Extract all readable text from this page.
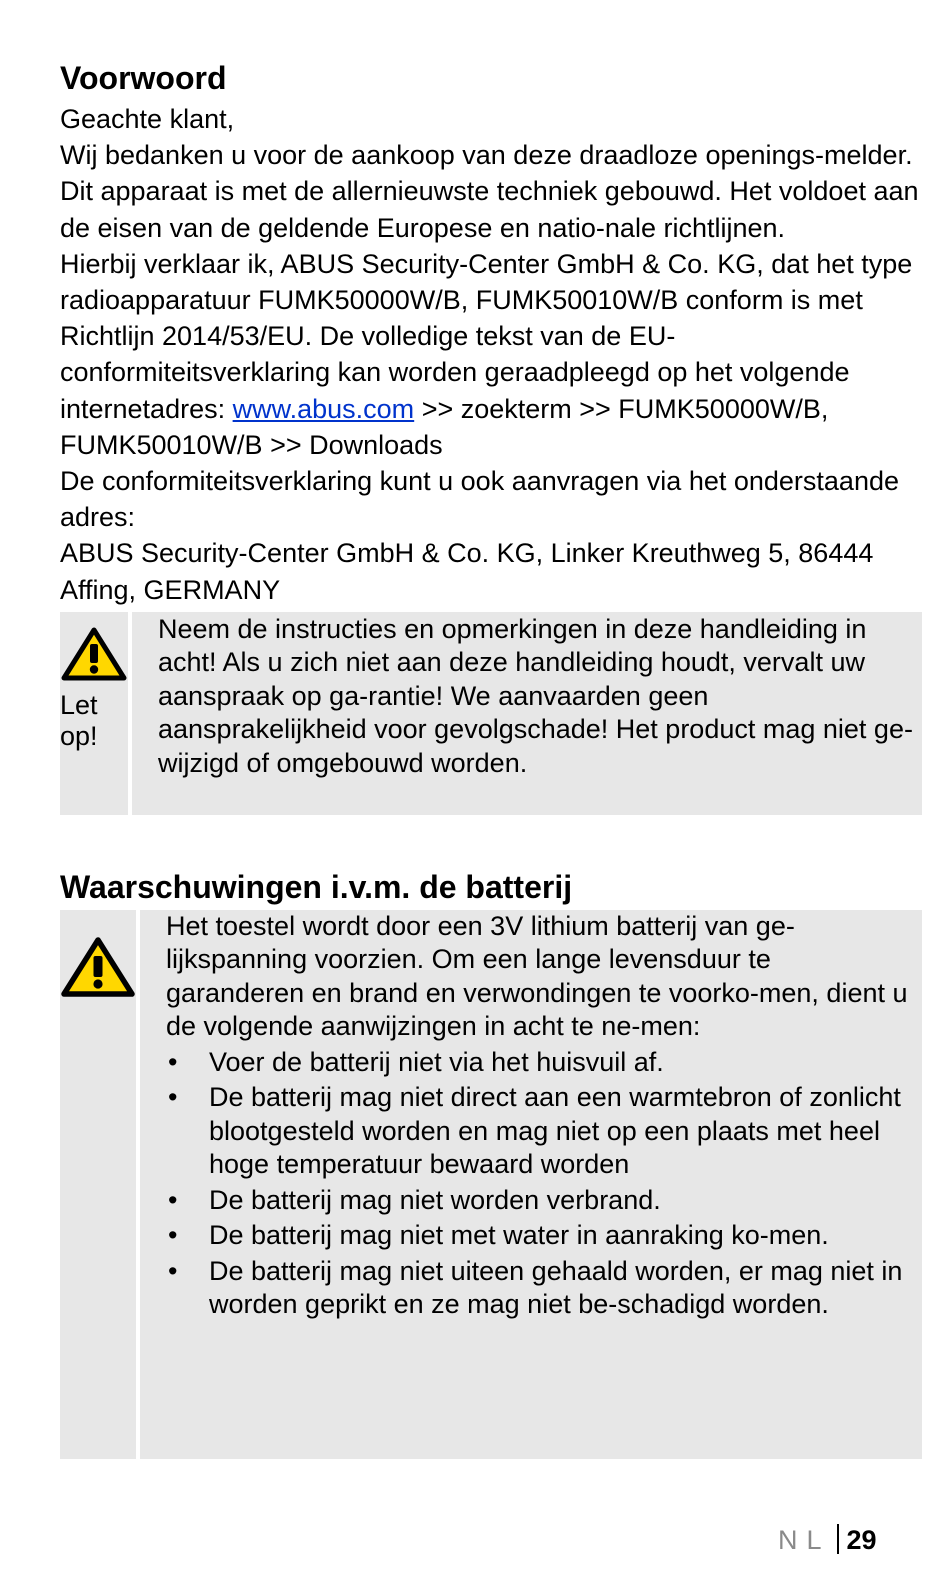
Voorwoord

Geachte klant,

Wij bedanken u voor de aankoop van deze draadloze openings-melder. Dit apparaat is met de allernieuwste techniek gebouwd. Het voldoet aan de eisen van de geldende Europese en natio-nale richtlijnen.

Hierbij verklaar ik, ABUS Security-Center GmbH & Co. KG, dat het type radioapparatuur FUMK50000W/B, FUMK50010W/B conform is met Richtlijn 2014/53/EU. De volledige tekst van de EU-conformiteitsverklaring kan worden geraadpleegd op het volgende internetadres: www.abus.com >> zoekterm >> FUMK50000W/B, FUMK50010W/B >> Downloads

De conformiteitsverklaring kunt u ook aanvragen via het onderstaande adres:

ABUS Security-Center GmbH & Co. KG, Linker Kreuthweg 5, 86444 Affing, GERMANY

Let op!
Neem de instructies en opmerkingen in deze handleiding in acht! Als u zich niet aan deze handleiding houdt, vervalt uw aanspraak op ga-rantie! We aanvaarden geen aansprakelijkheid voor gevolgschade! Het product mag niet ge-wijzigd of omgebouwd worden.
Waarschuwingen i.v.m. de batterij
Het toestel wordt door een 3V lithium batterij van ge-lijkspanning voorzien. Om een lange levensduur te garanderen en brand en verwondingen te voorko-men, dient u de volgende aanwijzingen in acht te ne-men:
• Voer de batterij niet via het huisvuil af.
• De batterij mag niet direct aan een warmtebron of zonlicht blootgesteld worden en mag niet op een plaats met heel hoge temperatuur bewaard worden
• De batterij mag niet worden verbrand.
• De batterij mag niet met water in aanraking ko-men.
• De batterij mag niet uiteen gehaald worden, er mag niet in worden geprikt en ze mag niet be-schadigd worden.
NL 29
